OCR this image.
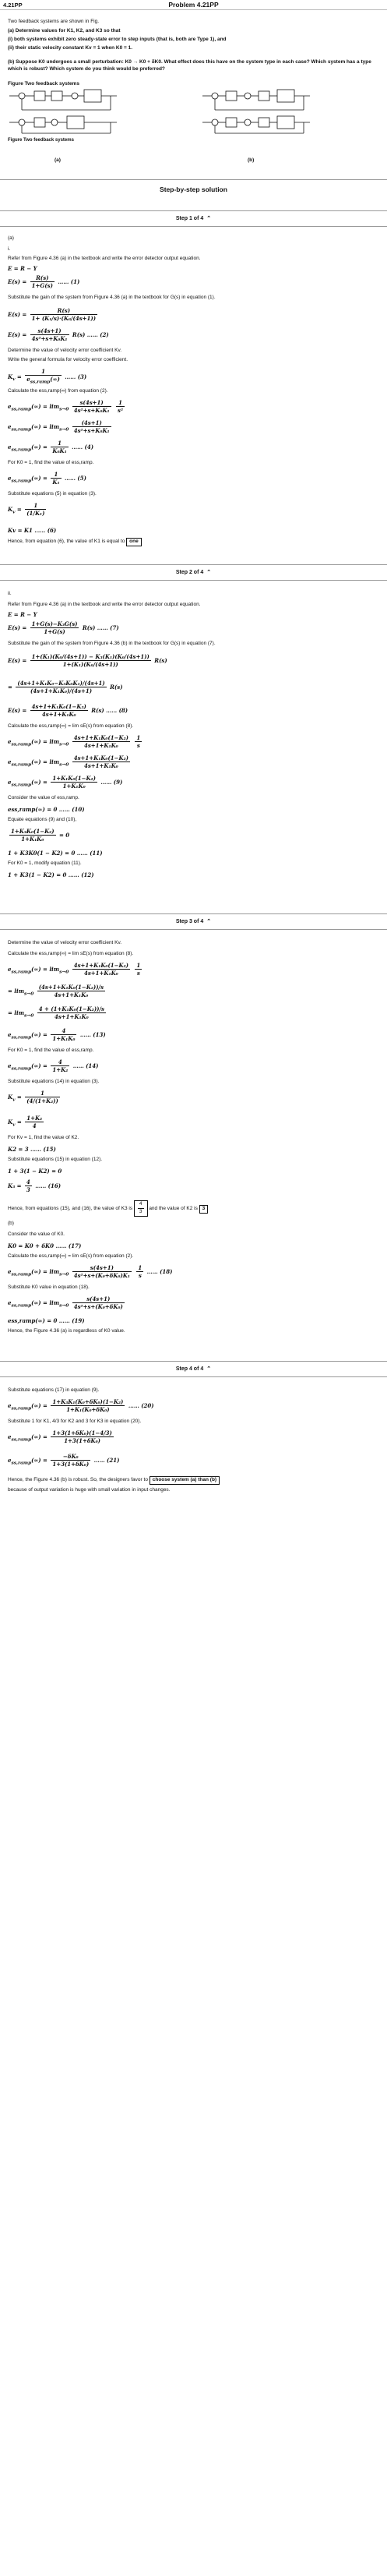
4.21PP	Problem 4.21PP

Two feedback systems are shown in Fig.

(a) Determine values for K1, K2, and K3 so that

(i) both systems exhibit zero steady-state error to step inputs (that is, both are Type 1), and

(ii) their static velocity constant Kv = 1 when K0 = 1.

(b) Suppose K0 undergoes a small perturbation: K0 → K0 + δK0. What effect does this have on the system type in each case? Which system has a type which is robust? Which system do you think would be preferred?

Figure Two feedback systems

Figure Two feedback systems

(a)	(b)
Step-by-step solution
Step 1 of 4 ⌃

(a)

i.

Refer from Figure 4.36 (a) in the textbook and write the error detector output equation.

E = R − Y

$E(s) = \frac{R(s)}{1+G(s)}$ …… (1)

Substitute the gain of the system from Figure 4.36 (a) in the textbook for G(s) in equation (1).

$E(s) = \frac{R(s)}{\text{1+ (K₁/s)·(K₀/(4s+1))}}$
$E(s) = \frac{s(4s+1)}{\text{4s²+s+K₀K₁}} R(s)$ …… (2)

Determine the value of velocity error coefficient Kv.

Write the general formula for velocity error coefficient.

$K_v = \frac{1}{e_{ss,ramp}(\infty)}$ …… (3)

Calculate the ess,ramp(∞) from equation (2).

$e_{ss,ramp}(\infty) = \lim_{s\to 0} \frac{s(4s+1)}{\text{4s²+s+K₀K₁}}$
$\frac{1}{\text{s²}}$
$e_{ss,ramp}(\infty) = \lim_{s\to 0} \frac{(4s+1)}{\text{4s²+s+K₀K₁}}$
$e_{ss,ramp}(\infty) = \frac{1}{\text{K₀K₁}}$ …… (4)

For K0 = 1, find the value of ess,ramp.

$e_{ss,ramp}(\infty) = \frac{1}{\text{K₁}}$ …… (5)

Substitute equations (5) in equation (3).

$K_v = \frac{1}{\text{(1/K₁)}}$

Kv = K1 …… (6)

Hence, from equation (6), the value of K1 is equal to one

Step 2 of 4 ⌃

ii.

Refer from Figure 4.36 (a) in the textbook and write the error detector output equation.

E = R − Y

$E(s) = \frac{\text{1+G(s)−K₃G(s)}}{1+G(s)} R(s)$ …… (7)

Substitute the gain of the system from Figure 4.36 (b) in the textbook for G(s) in equation (7).

$E(s) = \frac{\text{1+(K₁)(K₀/(4s+1)) − K₃(K₁)(K₀/(4s+1))}}{\text{1+(K₁)(K₀/(4s+1))}} R(s)$
= $\frac{\text{(4s+1+K₁K₀−K₃K₀K₁)/(4s+1)}}{\text{(4s+1+K₁K₀)/(4s+1)}} R(s)$
$E(s) = \frac{\text{4s+1+K₁K₀(1−K₃)}}{\text{4s+1+K₁K₀}} R(s)$ …… (8)

Calculate the ess,ramp(∞) = lim sE(s) from equation (8).

$e_{ss,ramp}(\infty) = \lim_{s\to 0} \frac{\text{4s+1+K₁K₀(1−K₂)}}{\text{4s+1+K₁K₀}}$
$\frac{1}{s}$
$e_{ss,ramp}(\infty) = \lim_{s\to 0} \frac{\text{4s+1+K₁K₀(1−K₂)}}{\text{4s+1+K₁K₀}}$
$e_{ss,ramp}(\infty) = \frac{\text{1+K₁K₀(1−K₂)}}{\text{1+K₁K₀}}$ …… (9)

Consider the value of ess,ramp.

ess,ramp(∞) = 0 …… (10)

Equate equations (9) and (10),

$\frac{\text{1+K₃K₀(1−K₂)}}{\text{1+K₁K₀}} = 0$

1 + K3K0(1 − K2) = 0 …… (11)

For K0 = 1, modify equation (11).

1 + K3(1 − K2) = 0 …… (12)

Step 3 of 4 ⌃

Determine the value of velocity error coefficient Kv.

Calculate the ess,ramp(∞) = lim sE(s) from equation (8).

$e_{ss,ramp}(\infty) = \lim_{s\to 0} \frac{\text{4s+1+K₁K₀(1−K₂)}}{\text{4s+1+K₁K₀}}$
$\frac{1}{s}$
= $\lim_{s\to 0} \frac{\text{(4s+1+K₁K₀(1−K₂))/s}}{\text{4s+1+K₁K₀}}$
= $\lim_{s\to 0} \frac{\text{4 + (1+K₁K₀(1−K₂))/s}}{\text{4s+1+K₁K₀}}$
$e_{ss,ramp}(\infty) = \frac{4}{\text{1+K₁K₀}}$ …… (13)

For K0 = 1, find the value of ess,ramp.

$e_{ss,ramp}(\infty) = \frac{4}{\text{1+K₂}}$ …… (14)

Substitute equations (14) in equation (3).

$K_v = \frac{1}{\text{(4/(1+K₂))}}$
$K_v = \frac{\text{1+K₂}}{4}$

For Kv = 1, find the value of K2.

K2 = 3 …… (15)

Substitute equations (15) in equation (12).

1 + 3(1 − K2) = 0

$K_3 = \frac{4}{3}$ …… (16)

Hence, from equations (15), and (16), the value of K3 is $\frac{4}{3}$ and the value of K2 is 3

(b)

Consider the value of K0.

K0 = K0 + δK0 …… (17)

Calculate the ess,ramp(∞) = lim sE(s) from equation (2).

$e_{ss,ramp}(\infty) = \lim_{s\to 0} \frac{s(4s+1)}{\text{4s²+s+(K₀+δK₀)K₁}}$
$\frac{1}{s}$ …… (18)

Substitute K0 value in equation (18).

$e_{ss,ramp}(\infty) = \lim_{s\to 0} \frac{s(4s+1)}{\text{4s²+s+(K₀+δK₀)}}$

ess,ramp(∞) = 0 …… (19)

Hence, the Figure 4.36 (a) is regardless of K0 value.

Step 4 of 4 ⌃

Substitute equations (17) in equation (9).

$e_{ss,ramp}(\infty) = \frac{\text{1+K₃K₁(K₀+δK₀)(1−K₂)}}{\text{1+K₁(K₀+δK₀)}}$ …… (20)

Substitute 1 for K1, 4/3 for K2 and 3 for K3 in equation (20).

$e_{ss,ramp}(\infty) = \frac{\text{1+3(1+δK₀)(1−4/3)}}{\text{1+3(1+δK₀)}}$
$e_{ss,ramp}(\infty) = \frac{\text{−δK₀}}{\text{1+3(1+δK₀)}}$ …… (21)

Hence, the Figure 4.36 (b) is robust. So, the designers favor to choose system (a) than (b)

because of output variation is huge with small variation in input changes.
